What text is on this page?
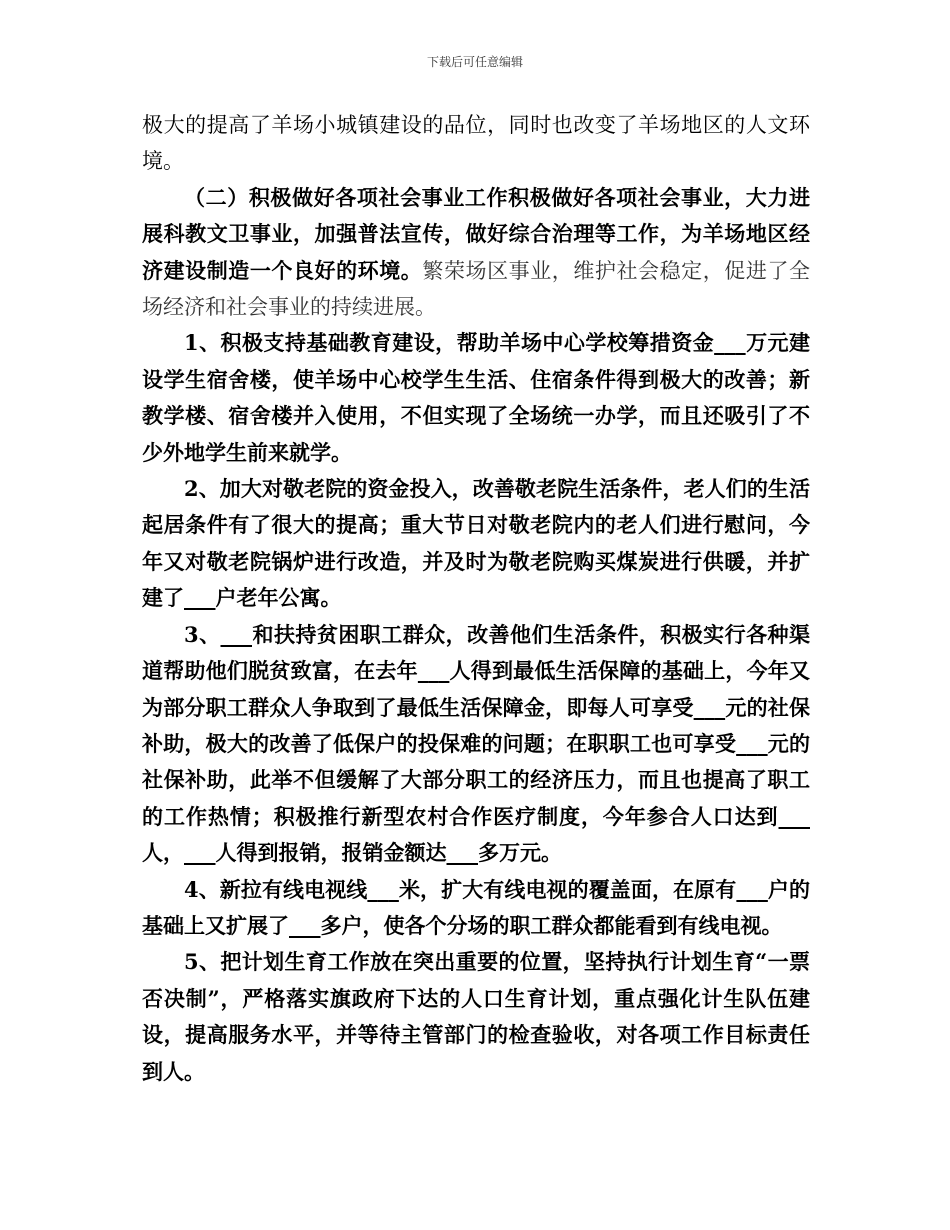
下载后可任意编辑

极大的提高了羊场小城镇建设的品位，同时也改变了羊场地区的人文环境。

（二）积极做好各项社会事业工作积极做好各项社会事业，大力进展科教文卫事业，加强普法宣传，做好综合治理等工作，为羊场地区经济建设制造一个良好的环境。繁荣场区事业，维护社会稳定，促进了全场经济和社会事业的持续进展。

1、积极支持基础教育建设，帮助羊场中心学校筹措资金___万元建设学生宿舍楼，使羊场中心校学生生活、住宿条件得到极大的改善；新教学楼、宿舍楼并入使用，不但实现了全场统一办学，而且还吸引了不少外地学生前来就学。

2、加大对敬老院的资金投入，改善敬老院生活条件，老人们的生活起居条件有了很大的提高；重大节日对敬老院内的老人们进行慰问，今年又对敬老院锅炉进行改造，并及时为敬老院购买煤炭进行供暖，并扩建了___户老年公寓。

3、___和扶持贫困职工群众，改善他们生活条件，积极实行各种渠道帮助他们脱贫致富，在去年___人得到最低生活保障的基础上，今年又为部分职工群众人争取到了最低生活保障金，即每人可享受___元的社保补助，极大的改善了低保户的投保难的问题；在职职工也可享受___元的社保补助，此举不但缓解了大部分职工的经济压力，而且也提高了职工的工作热情；积极推行新型农村合作医疗制度，今年参合人口达到___人，___人得到报销，报销金额达___多万元。

4、新拉有线电视线___米，扩大有线电视的覆盖面，在原有___户的基础上又扩展了___多户，使各个分场的职工群众都能看到有线电视。

5、把计划生育工作放在突出重要的位置，坚持执行计划生育“一票否决制”，严格落实旗政府下达的人口生育计划，重点强化计生队伍建设，提高服务水平，并等待主管部门的检查验收，对各项工作目标责任到人。
